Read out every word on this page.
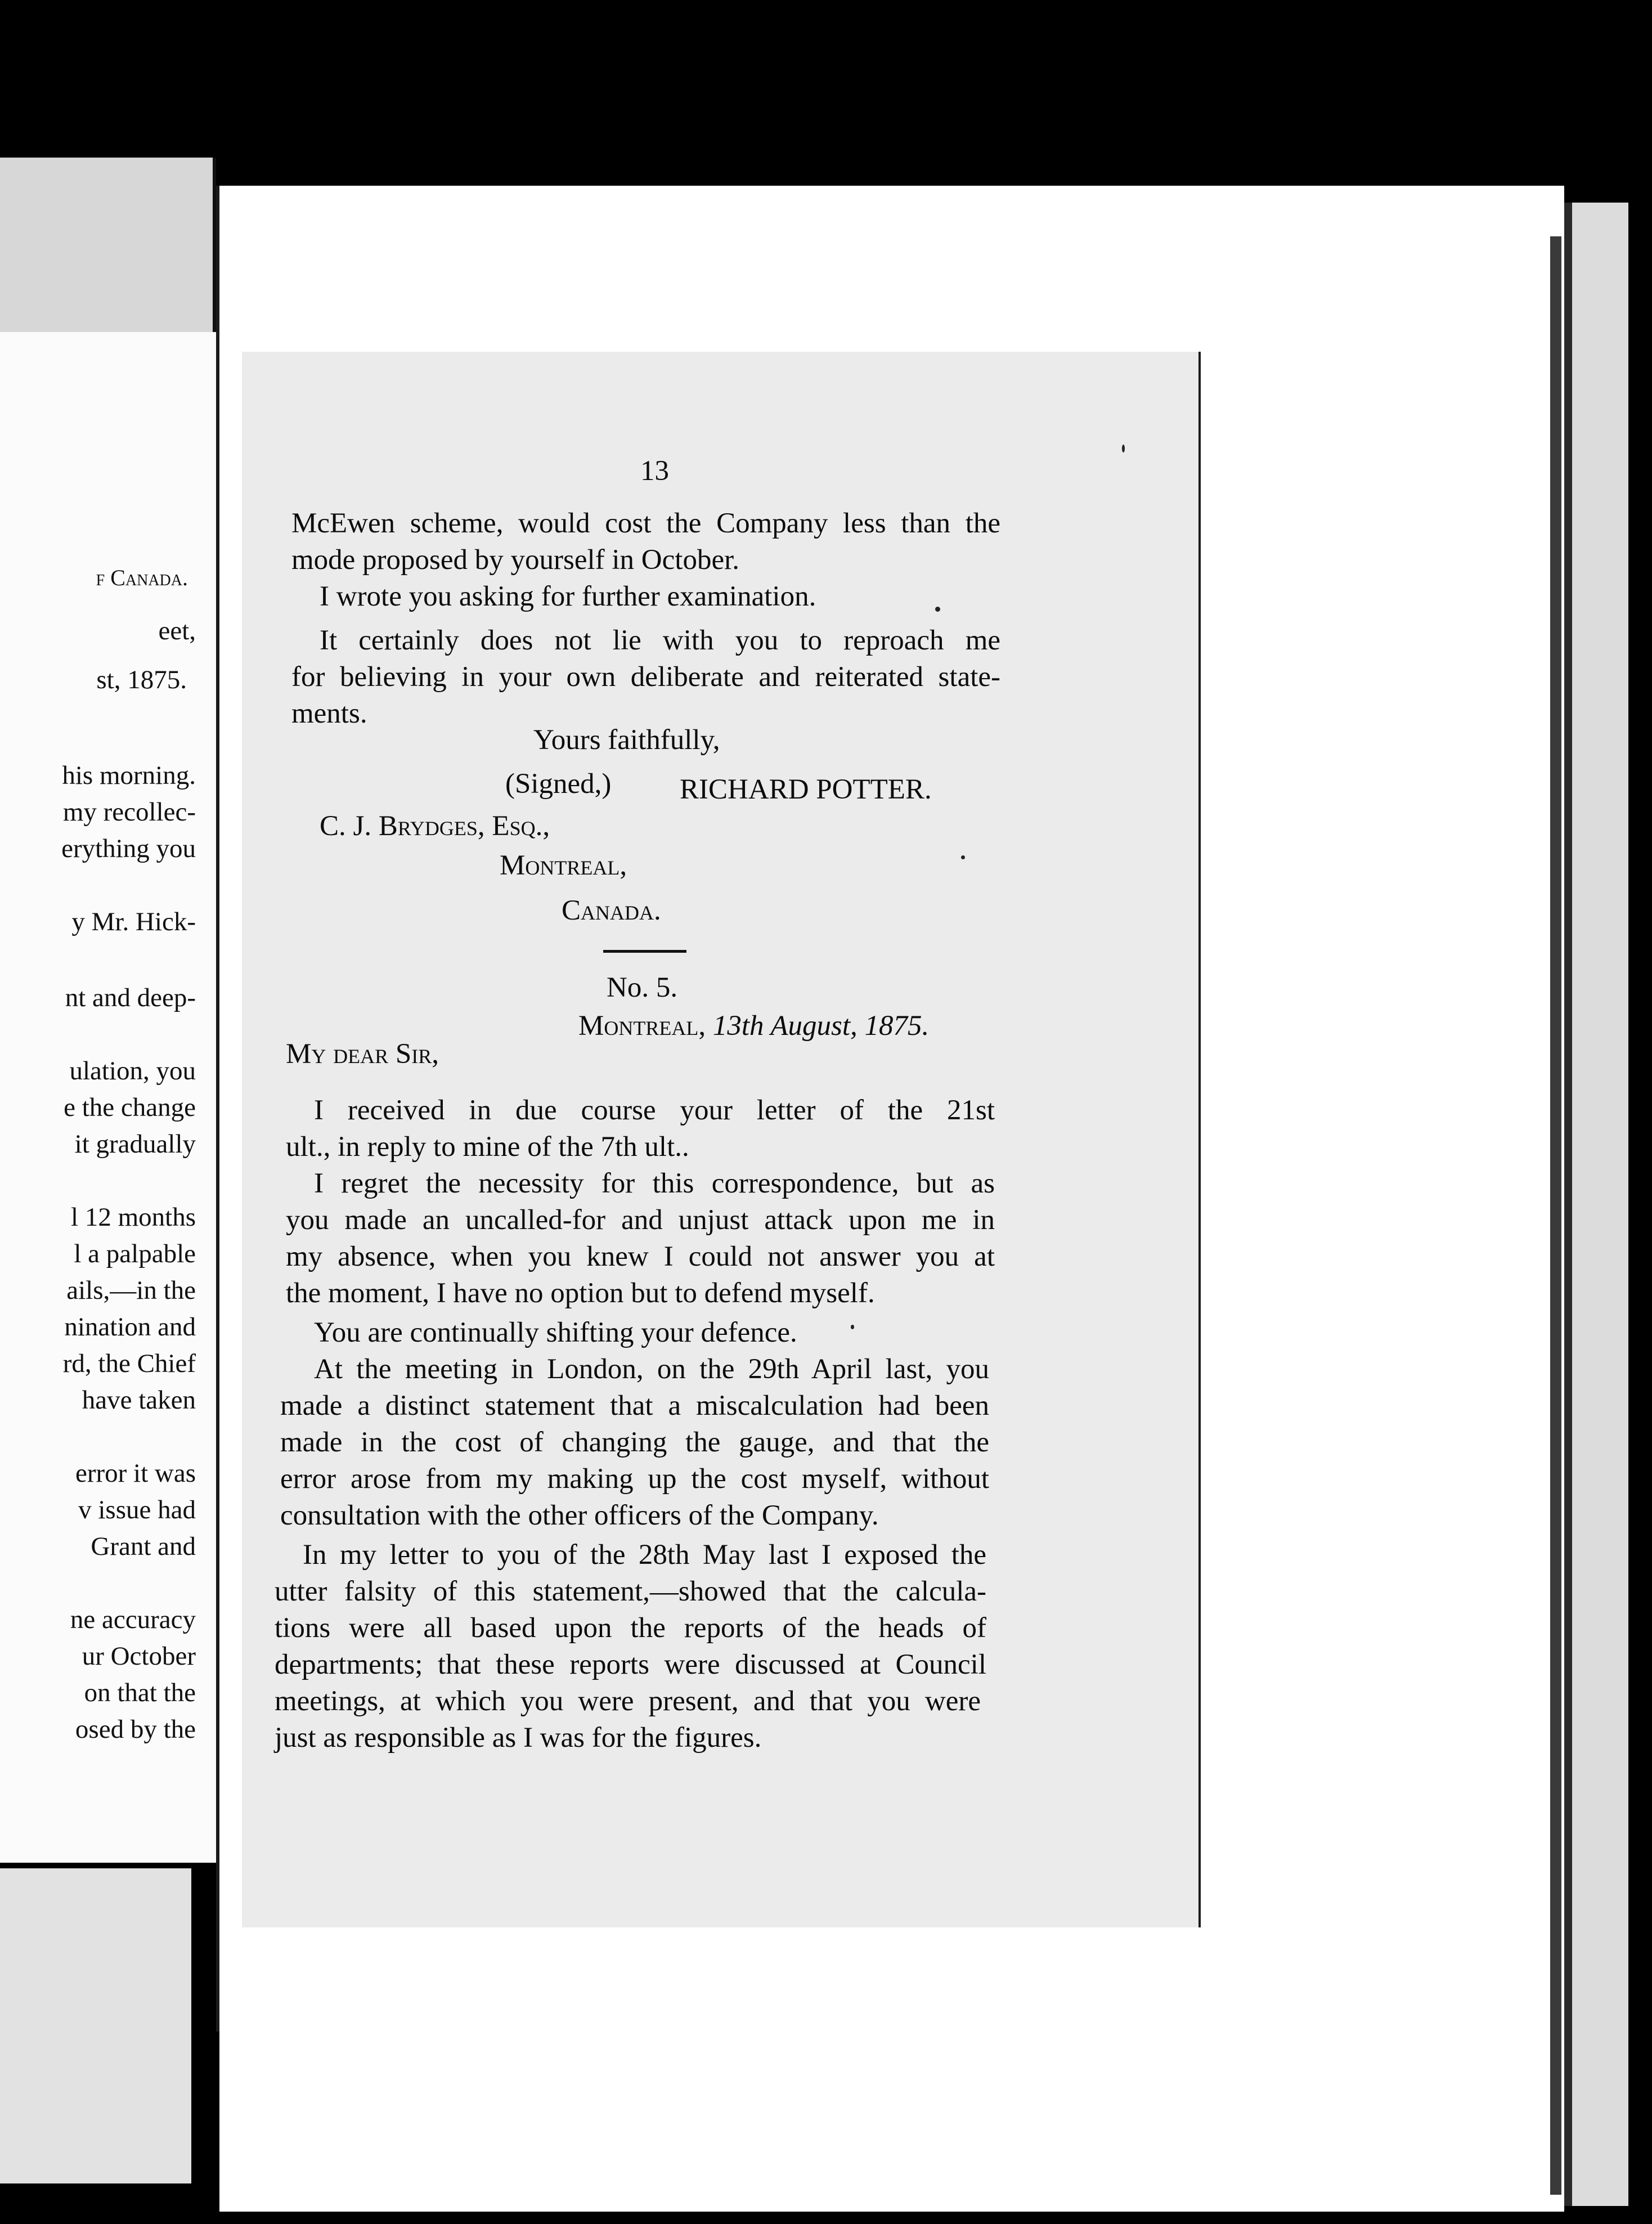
f Canada.
eet,
st, 1875.
his morning.
my recollec-
erything you
y Mr. Hick-
nt and deep-
ulation, you
e the change
it gradually
l 12 months
l a palpable
ails,—in the
nination and
rd, the Chief
have taken
error it was
v issue had
Grant and
ne accuracy
ur October
on that the
osed by the
13
McEwen scheme, would cost the Company less than the
mode proposed by yourself in October.
I wrote you asking for further examination.
It certainly does not lie with you to reproach me
for believing in your own deliberate and reiterated state-
ments.
Yours faithfully,
(Signed,) RICHARD POTTER.
C. J. Brydges, Esq.,
Montreal,
Canada.
No. 5.
Montreal, 13th August, 1875.
My dear Sir,
I received in due course your letter of the 21st
ult., in reply to mine of the 7th ult..
I regret the necessity for this correspondence, but as
you made an uncalled-for and unjust attack upon me in
my absence, when you knew I could not answer you at
the moment, I have no option but to defend myself.
You are continually shifting your defence.
At the meeting in London, on the 29th April last, you
made a distinct statement that a miscalculation had been
made in the cost of changing the gauge, and that the
error arose from my making up the cost myself, without
consultation with the other officers of the Company.
In my letter to you of the 28th May last I exposed the
utter falsity of this statement,—showed that the calcula-
tions were all based upon the reports of the heads of
departments; that these reports were discussed at Council
meetings, at which you were present, and that you were
just as responsible as I was for the figures.
